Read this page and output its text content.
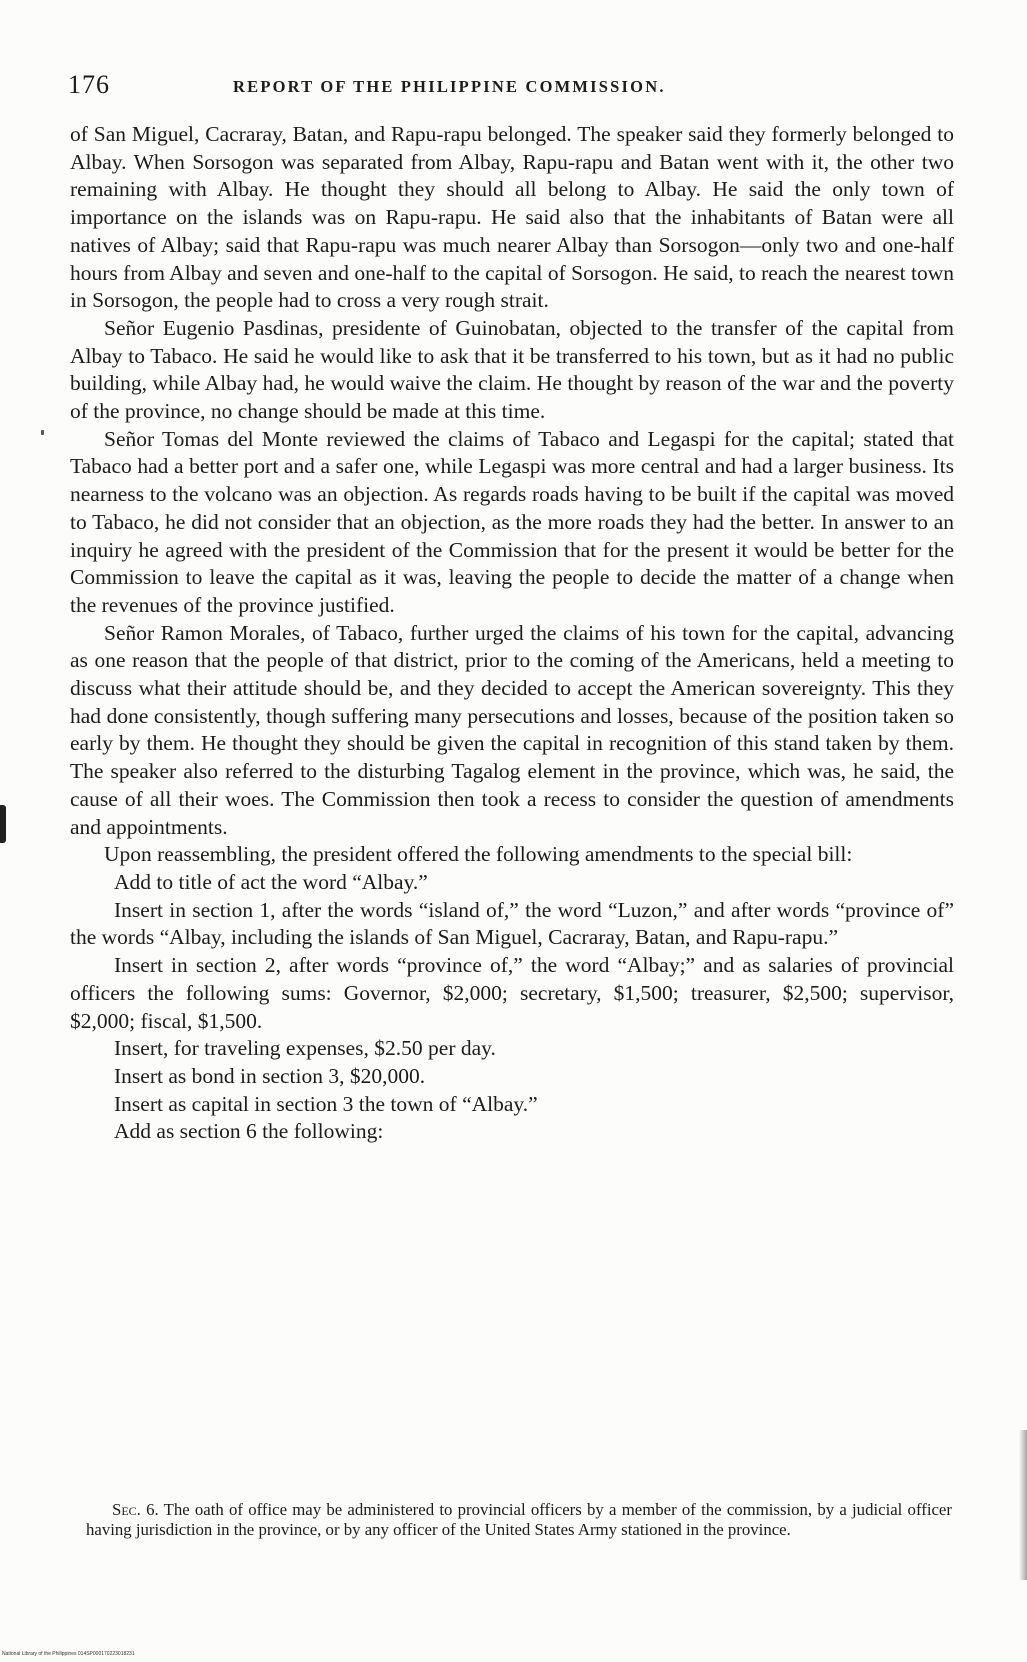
176	REPORT OF THE PHILIPPINE COMMISSION.

of San Miguel, Cacraray, Batan, and Rapu-rapu belonged. The speaker said they formerly belonged to Albay. When Sorsogon was separated from Albay, Rapu-rapu and Batan went with it, the other two remaining with Albay. He thought they should all belong to Albay. He said the only town of importance on the islands was on Rapu-rapu. He said also that the inhabitants of Batan were all natives of Albay; said that Rapu-rapu was much nearer Albay than Sorsogon—only two and one-half hours from Albay and seven and one-half to the capital of Sorsogon. He said, to reach the nearest town in Sorsogon, the people had to cross a very rough strait.

Señor Eugenio Pasdinas, presidente of Guinobatan, objected to the transfer of the capital from Albay to Tabaco. He said he would like to ask that it be transferred to his town, but as it had no public building, while Albay had, he would waive the claim. He thought by reason of the war and the poverty of the province, no change should be made at this time.

Señor Tomas del Monte reviewed the claims of Tabaco and Legaspi for the capital; stated that Tabaco had a better port and a safer one, while Legaspi was more central and had a larger business. Its nearness to the volcano was an objection. As regards roads having to be built if the capital was moved to Tabaco, he did not consider that an objection, as the more roads they had the better. In answer to an inquiry he agreed with the president of the Commission that for the present it would be better for the Commission to leave the capital as it was, leaving the people to decide the matter of a change when the revenues of the province justified.

Señor Ramon Morales, of Tabaco, further urged the claims of his town for the capital, advancing as one reason that the people of that district, prior to the coming of the Americans, held a meeting to discuss what their attitude should be, and they decided to accept the American sovereignty. This they had done consistently, though suffering many persecutions and losses, because of the position taken so early by them. He thought they should be given the capital in recognition of this stand taken by them. The speaker also referred to the disturbing Tagalog element in the province, which was, he said, the cause of all their woes. The Commission then took a recess to consider the question of amendments and appointments.

Upon reassembling, the president offered the following amendments to the special bill:

Add to title of act the word “Albay.”

Insert in section 1, after the words “island of,” the word “Luzon,” and after words “province of” the words “Albay, including the islands of San Miguel, Cacraray, Batan, and Rapu-rapu.”

Insert in section 2, after words “province of,” the word “Albay;” and as salaries of provincial officers the following sums: Governor, $2,000; secretary, $1,500; treasurer, $2,500; supervisor, $2,000; fiscal, $1,500.

Insert, for traveling expenses, $2.50 per day.

Insert as bond in section 3, $20,000.

Insert as capital in section 3 the town of “Albay.”

Add as section 6 the following:

Sec. 6. The oath of office may be administered to provincial officers by a member of the commission, by a judicial officer having jurisdiction in the province, or by any officer of the United States Army stationed in the province.

National Library of the Philippines 014SP000170223018231
